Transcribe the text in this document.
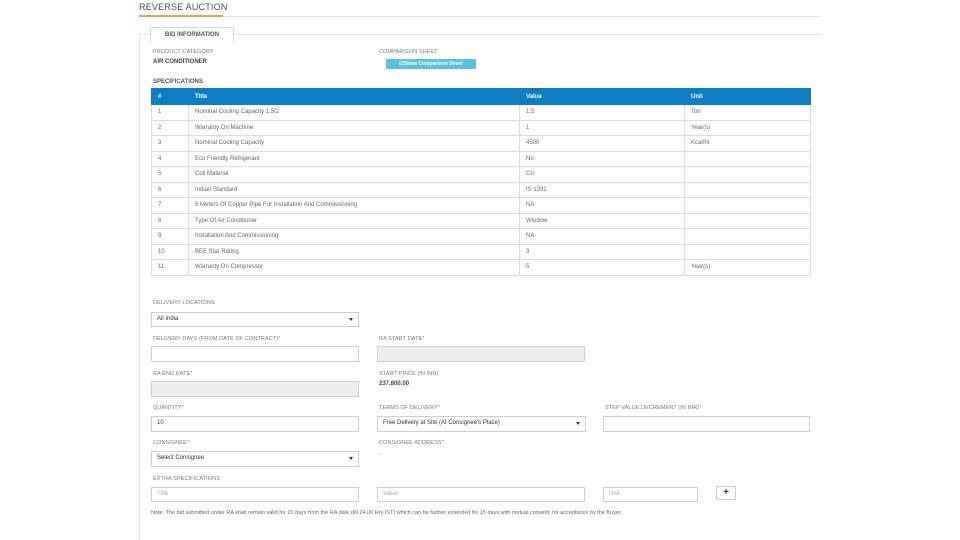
REVERSE AUCTION
BID INFORMATION
PRODUCT CATEGORY
AIR CONDITIONER
COMPARISON SHEET
☑Show Comparison Sheet
SPECIFICATIONS
#	Title	Value	Unit
1	Nominal Cooling Capacity 1.5/2	1.5	Ton
2	Warranty On Machine	1	Year(s)
3	Nominal Cooling Capacity	4500	Kcal/hr
4	Eco Friendly Refrigerant	No	
5	Coil Material	CU	
6	Indian Standard	IS 1391	
7	5 Meters Of Copper Pipe For Installation And Commissioning	NA	
8	Type Of Air Conditioner	Window	
9	Installation And Commissioning	NA	
10	BEE Star Rating	3	
11	Warranty On Compressor	5	Year(s)
DELIVERY LOCATIONS
All India
DELIVERY DAYS (FROM DATE OF CONTRACT)*	RA START DATE*
RA END DATE*	START PRICE (IN INR)
237,800.00
QUANTITY*
10
TERMS OF DELIVERY*
Free Delivery at Site (At Consignee's Place)
STEP VALUE DECREMENT (IN INR)*
CONSIGNEE*
Select Consignee
CONSIGNEE ADDRESS*
-
EXTRA SPECIFICATIONS
Title	Value	Unit	+
Note: The bid submitted under RA shall remain valid for 15 days from the RA date (till 24.00 Hrs IST) which can be further extended for 15 days with mutual consent, for acceptance by the Buyer.
